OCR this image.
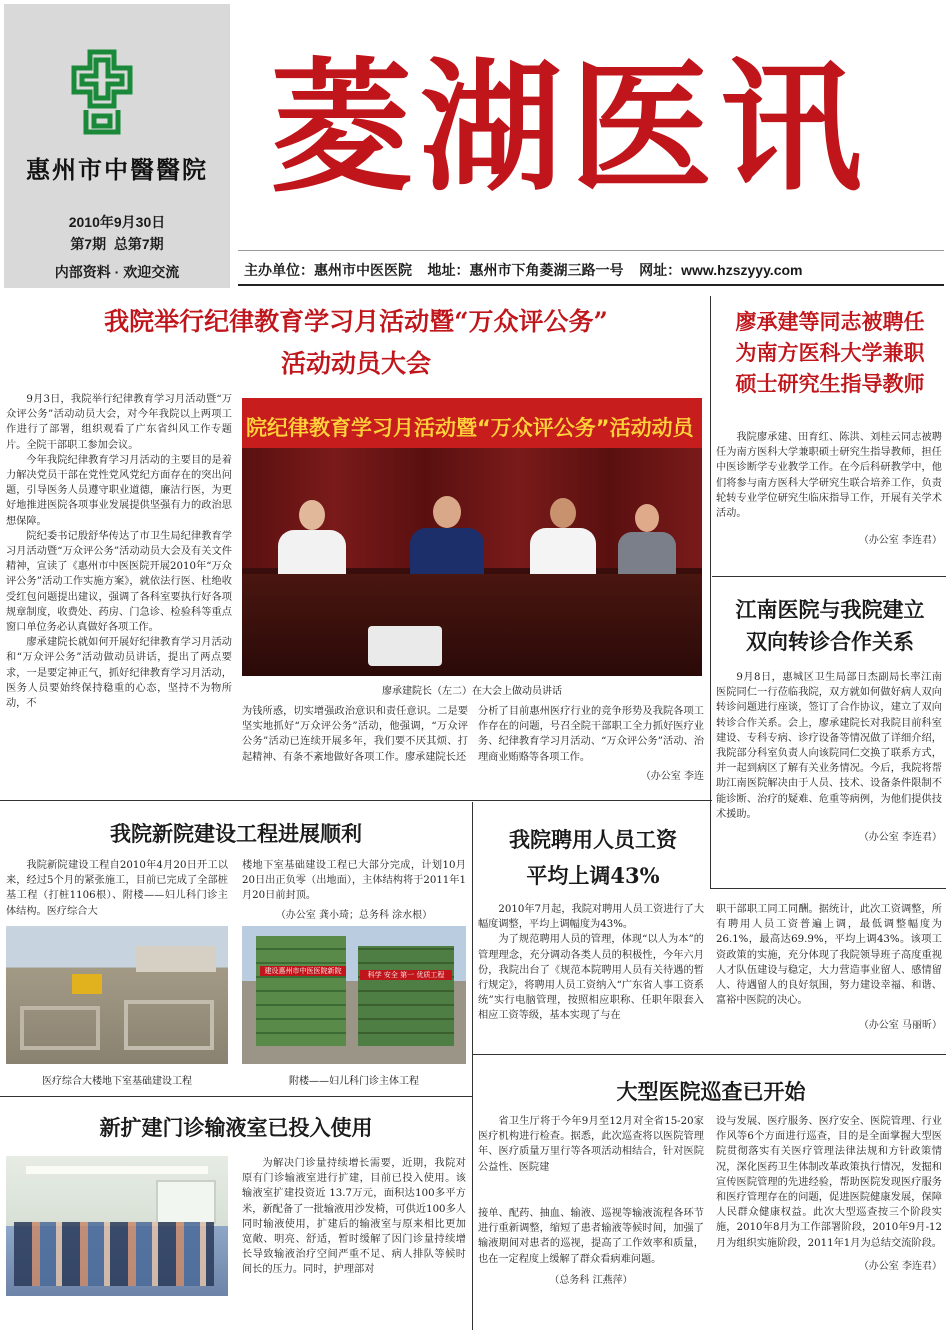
惠州市中醫醫院
2010年9月30日
第7期  总第7期
内部资料 · 欢迎交流
菱湖医讯
主办单位：惠州市中医医院    地址：惠州市下角菱湖三路一号    网址：www.hzszyyy.com
我院举行纪律教育学习月活动暨“万众评公务”
活动动员大会

9月3日，我院举行纪律教育学习月活动暨“万众评公务”活动动员大会，对今年我院以上两项工作进行了部署，组织观看了广东省纠风工作专题片。全院干部职工参加会议。

今年我院纪律教育学习月活动的主要目的是着力解决党员干部在党性党风党纪方面存在的突出问题，引导医务人员遵守职业道德，廉洁行医，为更好地推进医院各项事业发展提供坚强有力的政治思想保障。

院纪委书记殷舒华传达了市卫生局纪律教育学习月活动暨“万众评公务”活动动员大会及有关文件精神，宣读了《惠州市中医医院开展2010年“万众评公务”活动工作实施方案》，就依法行医、杜绝收受红包问题提出建议，强调了各科室要执行好各项规章制度，收费处、药房、门急诊、检验科等重点窗口单位务必认真做好各项工作。

廖承建院长就如何开展好纪律教育学习月活动和“万众评公务”活动做动员讲话，提出了两点要求，一是要定神正气，抓好纪律教育学习月活动，医务人员要始终保持稳重的心态，坚持不为物所动，不

院纪律教育学习月活动暨“万众评公务”活动动员
廖承建院长（左二）在大会上做动员讲话

为钱所惑，切实增强政治意识和责任意识。二是要坚实地抓好“万众评公务”活动，他强调，“万众评公务”活动已连续开展多年，我们要不厌其烦、打起精神、有条不紊地做好各项工作。廖承建院长还

分析了目前惠州医疗行业的竞争形势及我院各项工作存在的问题，号召全院干部职工全力抓好医疗业务、纪律教育学习月活动、“万众评公务”活动、治理商业贿赂等各项工作。

（办公室 李连

廖承建等同志被聘任
为南方医科大学兼职
硕士研究生指导教师

我院廖承建、田育红、陈洪、刘桂云同志被聘任为南方医科大学兼职硕士研究生指导教师，担任中医诊断学专业教学工作。在今后科研教学中，他们将参与南方医科大学研究生联合培养工作，负责轮转专业学位研究生临床指导工作，开展有关学术活动。

（办公室 李连君）

江南医院与我院建立
双向转诊合作关系

9月8日，惠城区卫生局部日杰副局长率江南医院同仁一行莅临我院，双方就如何做好病人双向转诊问题进行座谈，签订了合作协议，建立了双向转诊合作关系。会上，廖承建院长对我院目前科室建设、专科专病、诊疗设备等情况做了详细介绍，我院部分科室负责人向该院同仁交换了联系方式，并一起到病区了解有关业务情况。今后，我院将帮助江南医院解决由于人员、技术、设备条件限制不能诊断、治疗的疑难、危重等病例，为他们提供技术援助。

（办公室 李连君）

我院新院建设工程进展顺利

我院新院建设工程自2010年4月20日开工以来，经过5个月的紧张施工，目前已完成了全部桩基工程（打桩1106根）、附楼——妇儿科门诊主体结构。医疗综合大

楼地下室基础建设工程已大部分完成，计划10月20日出正负零（出地面），主体结构将于2011年1月20日前封顶。

（办公室 龚小琦；总务科 涂水根）

建设惠州市中医医院新院	科学 安全 第一 优质工程
医疗综合大楼地下室基础建设工程	附楼——妇儿科门诊主体工程
我院聘用人员工资
平均上调43%

2010年7月起，我院对聘用人员工资进行了大幅度调整，平均上调幅度为43%。

为了规范聘用人员的管理，体现“以人为本”的管理理念，充分调动各类人员的积极性，今年六月份，我院出台了《规范本院聘用人员有关待遇的暂行规定》，将聘用人员工资纳入“广东省人事工资系统”实行电脑管理，按照相应职称、任职年限套入相应工资等级，基本实现了与在

职干部职工同工同酬。据统计，此次工资调整，所有聘用人员工资普遍上调，最低调整幅度为26.1%，最高达69.9%，平均上调43%。该项工资政策的实施，充分体现了我院领导班子高度重视人才队伍建设与稳定，大力营造事业留人、感情留人、待遇留人的良好氛围，努力建设幸福、和谐、富裕中医院的决心。

（办公室 马丽昕）

新扩建门诊输液室已投入使用

为解决门诊量持续增长需要，近期，我院对原有门诊输液室进行扩建，目前已投入使用。该输液室扩建投资近 13.7万元，面积达100多平方米，新配备了一批输液用沙发椅，可供近100多人同时输液使用，扩建后的输液室与原来相比更加宽敞、明亮、舒适，暂时缓解了因门诊量持续增长导致输液治疗空间严重不足、病人排队等候时间长的压力。同时，护理部对

接单、配药、抽血、输液、巡视等输液流程各环节进行重新调整，缩短了患者输液等候时间，加强了输液期间对患者的巡视，提高了工作效率和质量，也在一定程度上缓解了群众看病难问题。

（总务科 江燕萍）

大型医院巡查已开始

省卫生厅将于今年9月至12月对全省15-20家医疗机构进行检查。据悉，此次巡查将以医院管理年、医疗质量万里行等各项活动相结合，针对医院公益性、医院建

设与发展、医疗服务、医疗安全、医院管理、行业作风等6个方面进行巡查，目的是全面掌握大型医院贯彻落实有关医疗管理法律法规和方针政策情况，深化医药卫生体制改革政策执行情况，发掘和宣传医院管理的先进经验，帮助医院发现医疗服务和医疗管理存在的问题，促进医院健康发展，保障人民群众健康权益。此次大型巡查按三个阶段实施，2010年8月为工作部署阶段，2010年9月-12月为组织实施阶段，2011年1月为总结交流阶段。

（办公室 李连君）
